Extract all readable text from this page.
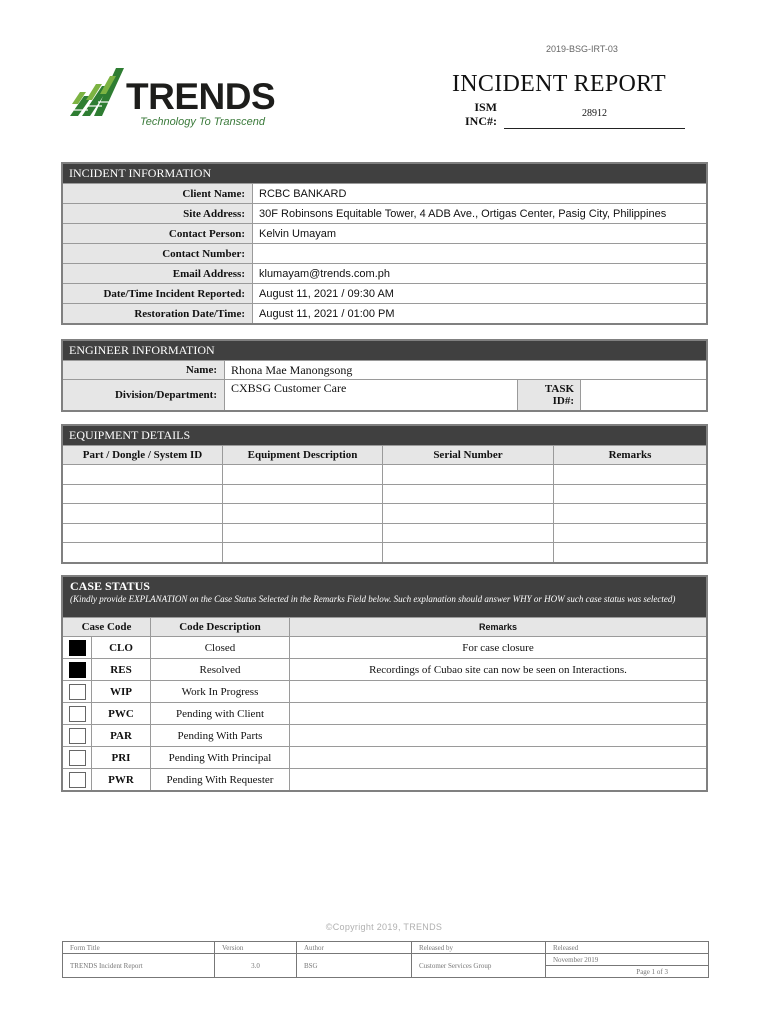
2019-BSG-IRT-03
TRENDS
Technology To Transcend
INCIDENT REPORT
ISM
INC#:
28912
INCIDENT INFORMATION	
Client Name:	RCBC BANKARD
Site Address:	30F Robinsons Equitable Tower, 4 ADB Ave., Ortigas Center, Pasig City, Philippines
Contact Person:	Kelvin Umayam
Contact Number:	
Email Address:	klumayam@trends.com.ph
Date/Time Incident Reported:	August 11, 2021 / 09:30 AM
Restoration Date/Time:	August 11, 2021 / 01:00 PM
ENGINEER INFORMATION			
Name:	Rhona Mae Manongsong		
Division/Department:	CXBSG Customer Care	TASK
ID#:	

EQUIPMENT DETAILS			
Part / Dongle / System ID	Equipment Description	Serial Number	Remarks

CASE STATUS
(Kindly provide EXPLANATION on the Case Status Selected in the Remarks Field below. Such explanation should answer WHY or HOW such case status was selected)			

Case Code		Code Description	Remarks
	CLO	Closed	For case closure
	RES	Resolved	Recordings of Cubao site can now be seen on Interactions.
	WIP	Work In Progress	
	PWC	Pending with Client	
	PAR	Pending With Parts	
	PRI	Pending With Principal	
	PWR	Pending With Requester	
©Copyright 2019, TRENDS
Form Title	Version	Author	Released by	Released
TRENDS Incident Report	3.0	BSG	Customer Services Group	November 2019
				Page 1 of 3
